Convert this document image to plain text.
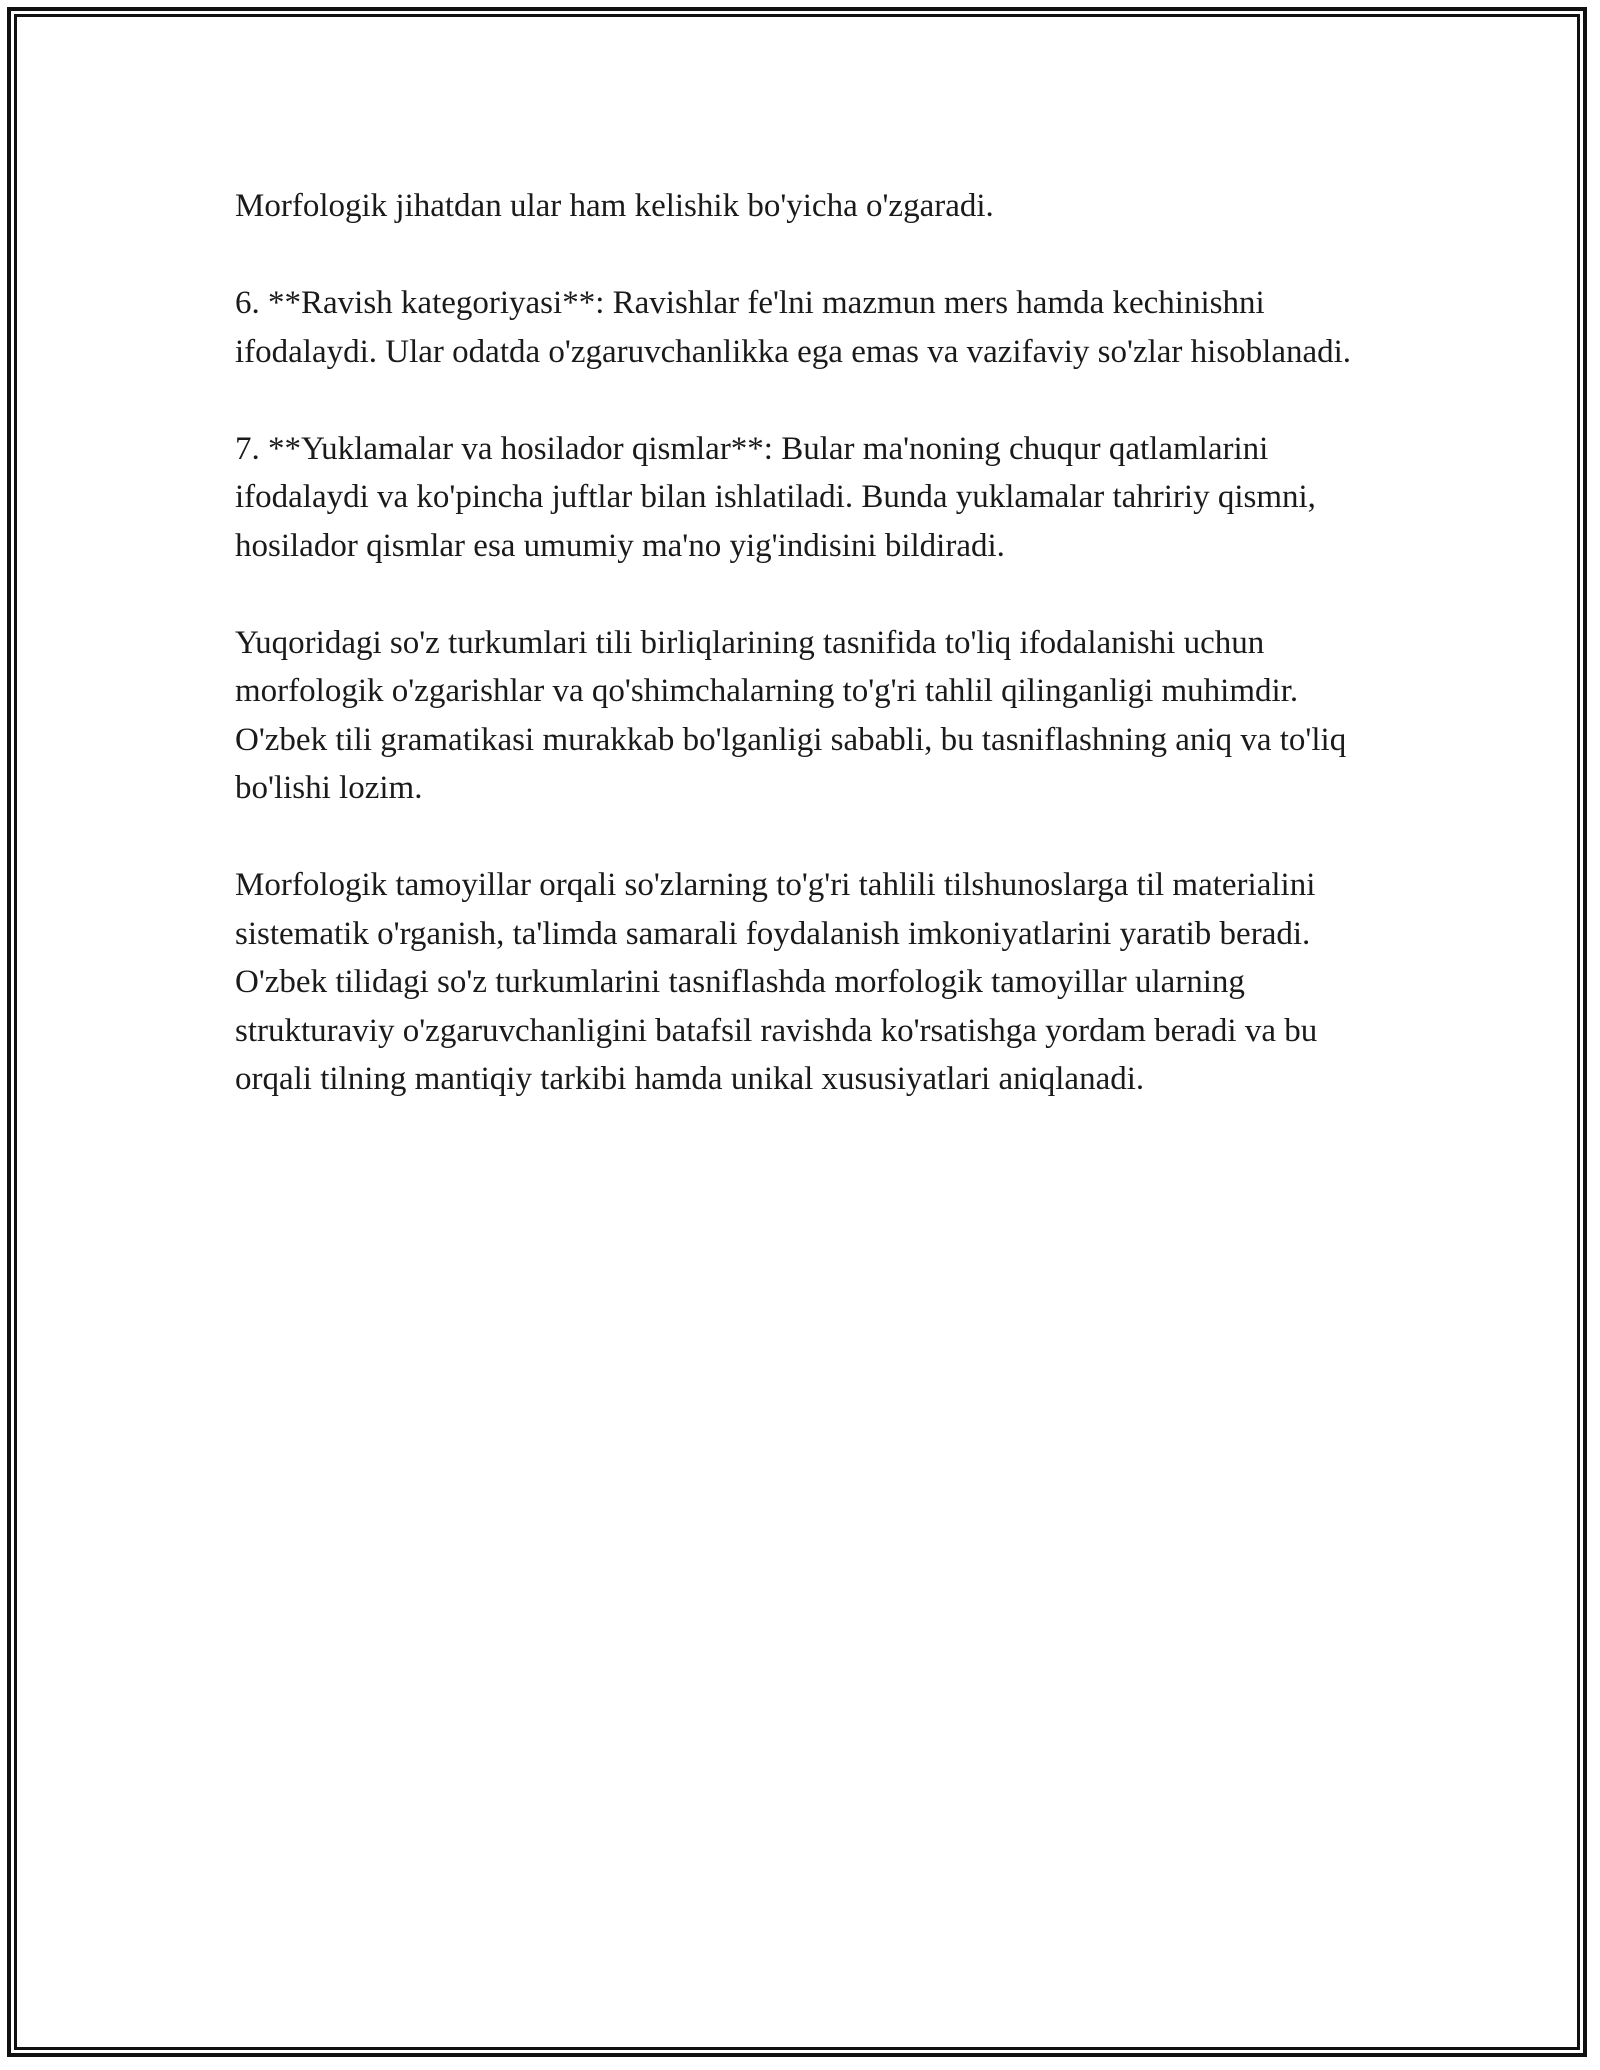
Morfologik jihatdan ular ham kelishik bo'yicha o'zgaradi.

6. **Ravish kategoriyasi**: Ravishlar fe'lni mazmun mers hamda kechinishni ifodalaydi. Ular odatda o'zgaruvchanlikka ega emas va vazifaviy so'zlar hisoblanadi.

7. **Yuklamalar va hosilador qismlar**: Bular ma'noning chuqur qatlamlarini ifodalaydi va ko'pincha juftlar bilan ishlatiladi. Bunda yuklamalar tahririy qismni, hosilador qismlar esa umumiy ma'no yig'indisini bildiradi.

Yuqoridagi so'z turkumlari tili birliqlarining tasnifida to'liq ifodalanishi uchun morfologik o'zgarishlar va qo'shimchalarning to'g'ri tahlil qilinganligi muhimdir. O'zbek tili gramatikasi murakkab bo'lganligi sababli, bu tasniflashning aniq va to'liq bo'lishi lozim.

Morfologik tamoyillar orqali so'zlarning to'g'ri tahlili tilshunoslarga til materialini sistematik o'rganish, ta'limda samarali foydalanish imkoniyatlarini yaratib beradi. O'zbek tilidagi so'z turkumlarini tasniflashda morfologik tamoyillar ularning strukturaviy o'zgaruvchanligini batafsil ravishda ko'rsatishga yordam beradi va bu orqali tilning mantiqiy tarkibi hamda unikal xususiyatlari aniqlanadi.
